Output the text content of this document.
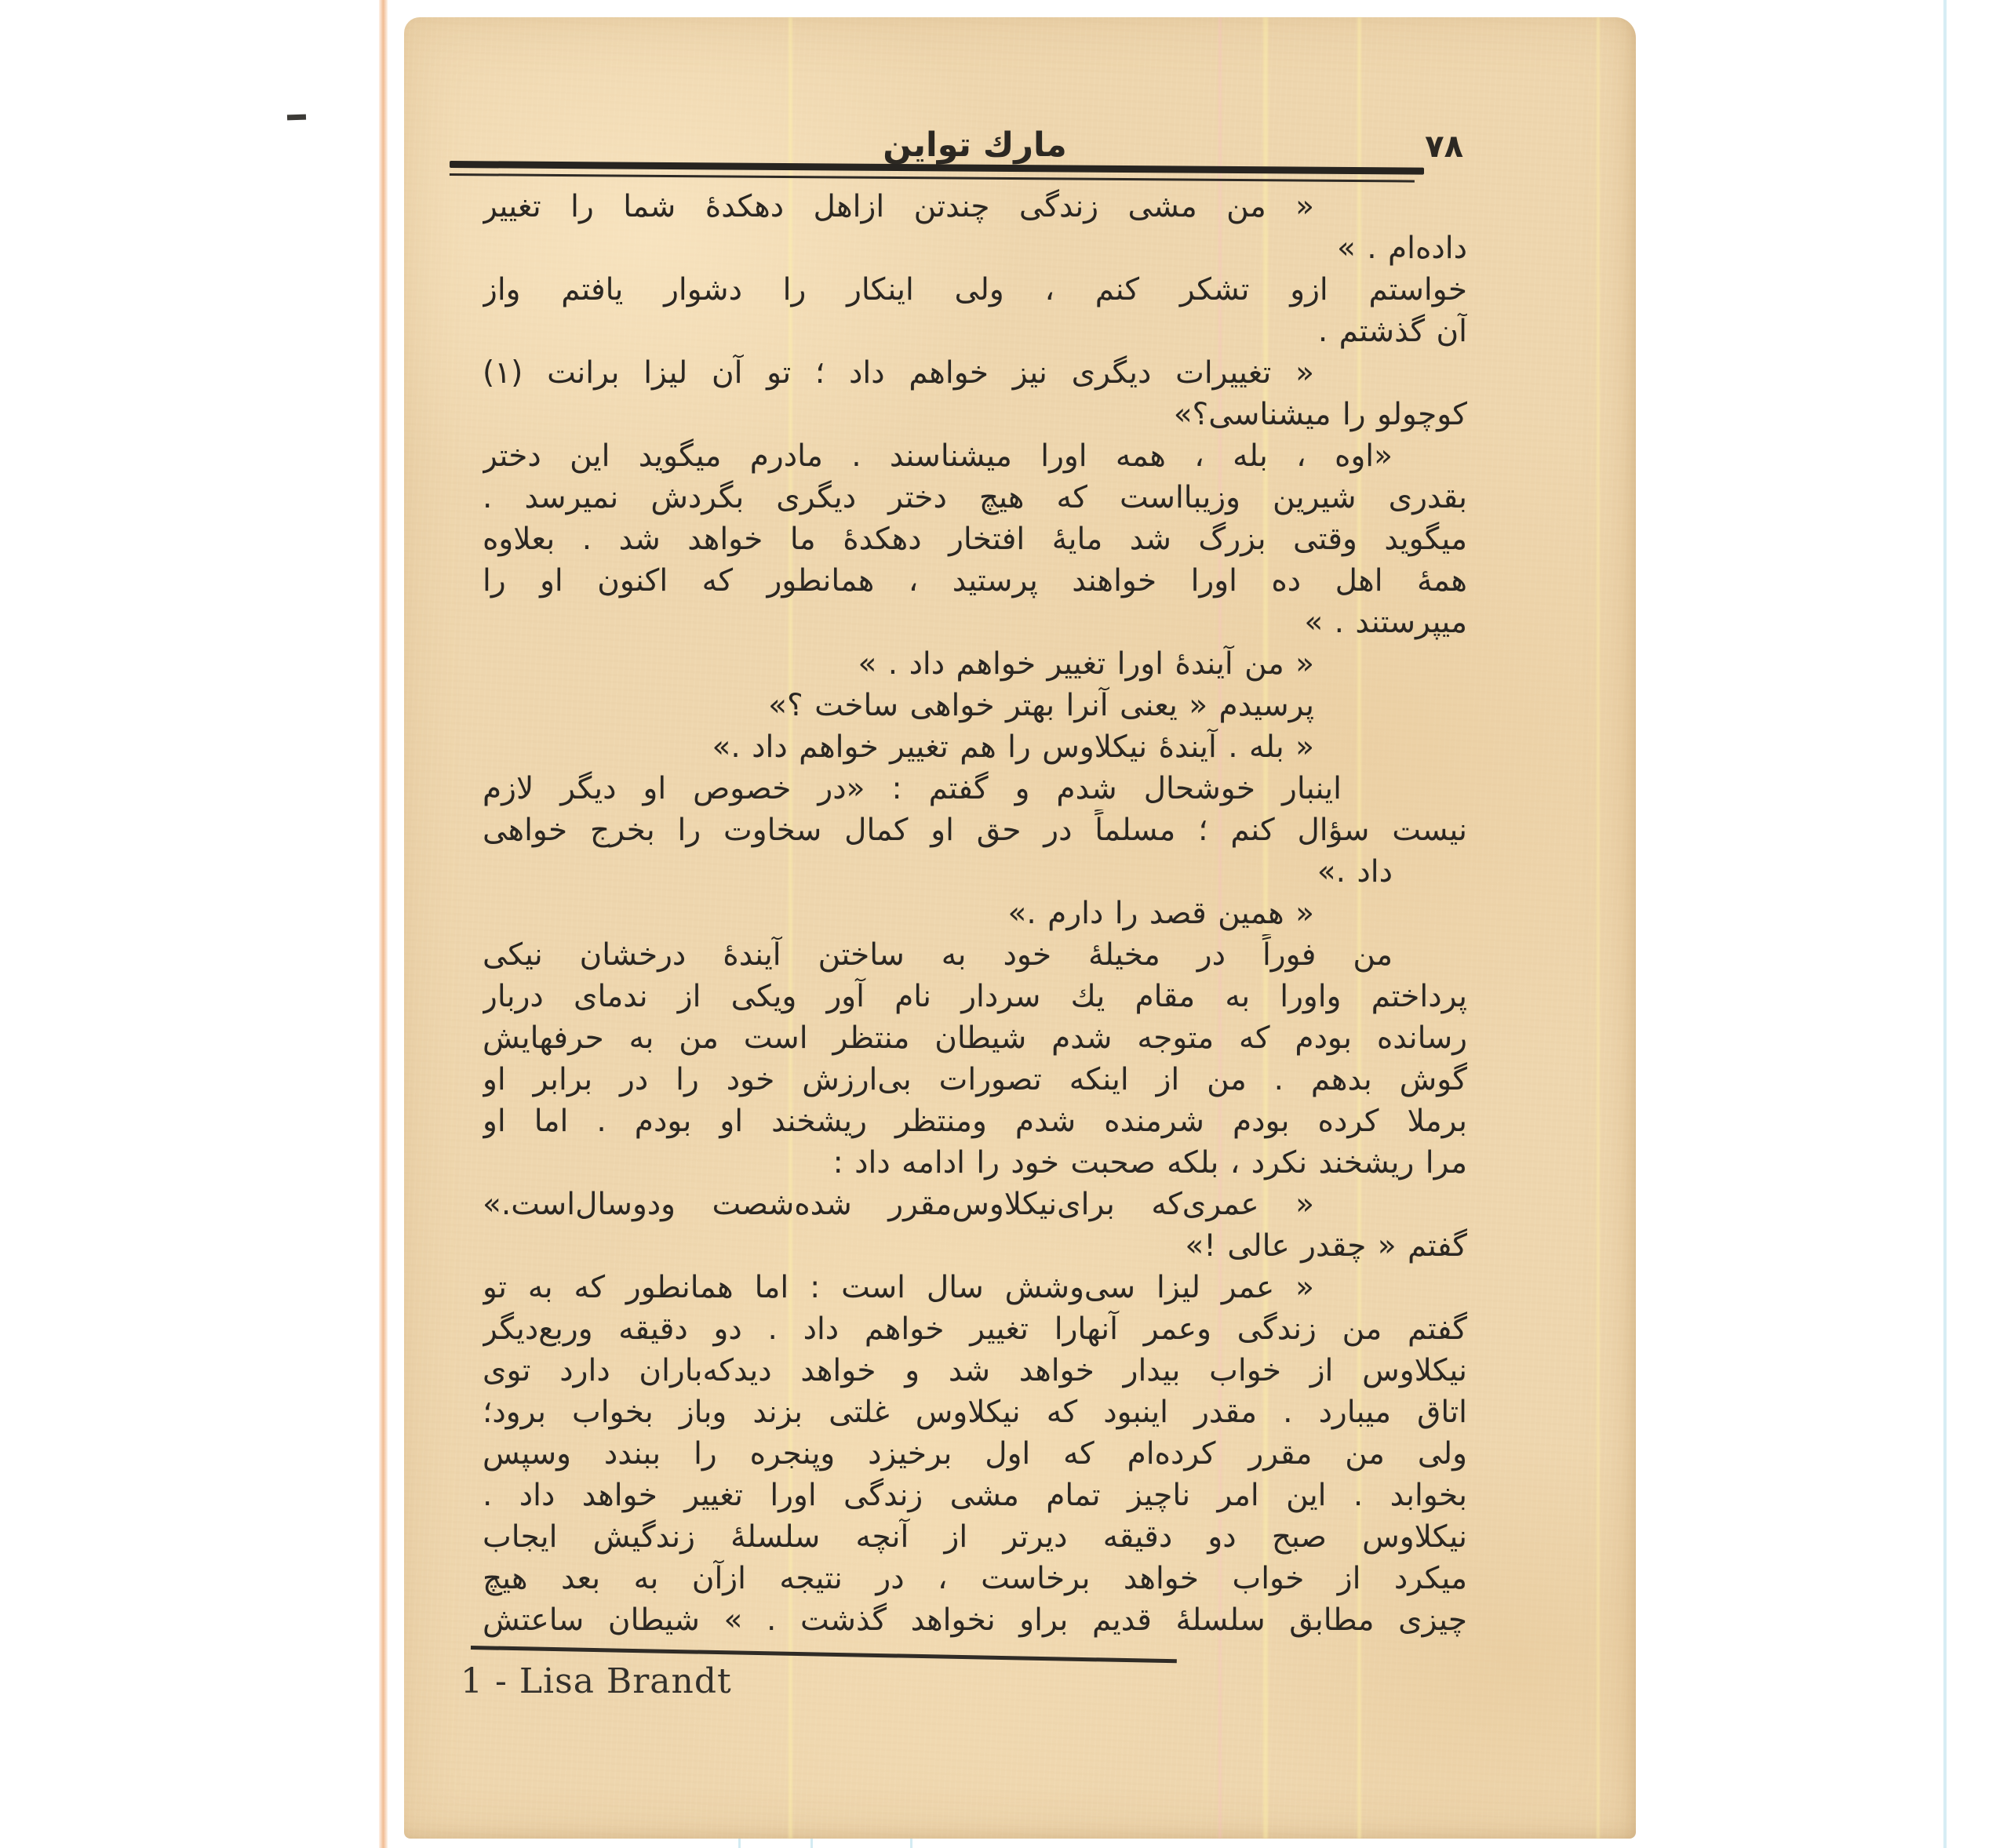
مارك تواین	٧٨
« من مشی زندگی چندتن ازاهل دهکدۀ شما را تغییر
داده‌ام . »
خواستم ازو تشکر کنم ، ولی اینکار را دشوار یافتم واز
آن گذشتم .
« تغییرات دیگری نیز خواهم داد ؛ تو آن لیزا برانت (١)
کوچولو را میشناسی؟»
«اوه ، بله ، همه اورا میشناسند . مادرم میگوید این دختر
بقدری شیرین وزیبااست که هیچ دختر دیگری بگردش نمیرسد .
میگوید وقتی بزرگ شد مایۀ افتخار دهکدۀ ما خواهد شد . بعلاوه
همۀ اهل ده اورا خواهند پرستید ، همانطور که اکنون او را
میپرستند . »
« من آیندۀ اورا تغییر خواهم داد . »
پرسیدم « یعنی آنرا بهتر خواهی ساخت ؟»
« بله . آیندۀ نیکلاوس را هم تغییر خواهم داد .»
اینبار خوشحال شدم و گفتم : «در خصوص او دیگر لازم
نیست سؤال کنم ؛ مسلماً در حق او کمال سخاوت را بخرج خواهی
داد .»
« همین قصد را دارم .»
من فوراً در مخیلۀ خود به ساختن آیندۀ درخشان نیکی
پرداختم واورا به مقام یك سردار نام آور ویکی از ندمای دربار
رسانده بودم که متوجه شدم شیطان منتظر است من به حرفهایش
گوش بدهم . من از اینکه تصورات بی‌ارزش خود را در برابر او
برملا کرده بودم شرمنده شدم ومنتظر ریشخند او بودم . اما او
مرا ریشخند نکرد ، بلکه صحبت خود را ادامه داد :
« عمری‌که برای‌نیکلاوس‌مقرر شده‌شصت ودوسال‌است.»
گفتم « چقدر عالی !»
« عمر لیزا سی‌وشش سال است : اما همانطور که به تو
گفتم من زندگی وعمر آنهارا تغییر خواهم داد . دو دقیقه وربع‌دیگر
نیکلاوس از خواب بیدار خواهد شد و خواهد دیدکه‌باران دارد توی
اتاق میبارد . مقدر اینبود که نیکلاوس غلتی بزند وباز بخواب برود؛
ولی من مقرر کرده‌ام که اول برخیزد وپنجره را ببندد وسپس
بخوابد . این امر ناچیز تمام مشی زندگی اورا تغییر خواهد داد .
نیکلاوس صبح دو دقیقه دیرتر از آنچه سلسلۀ زندگیش ایجاب
میکرد از خواب خواهد برخاست ، در نتیجه ازآن به بعد هیچ
چیزی مطابق سلسلۀ قدیم براو نخواهد گذشت . » شیطان ساعتش
1 - Lisa Brandt
